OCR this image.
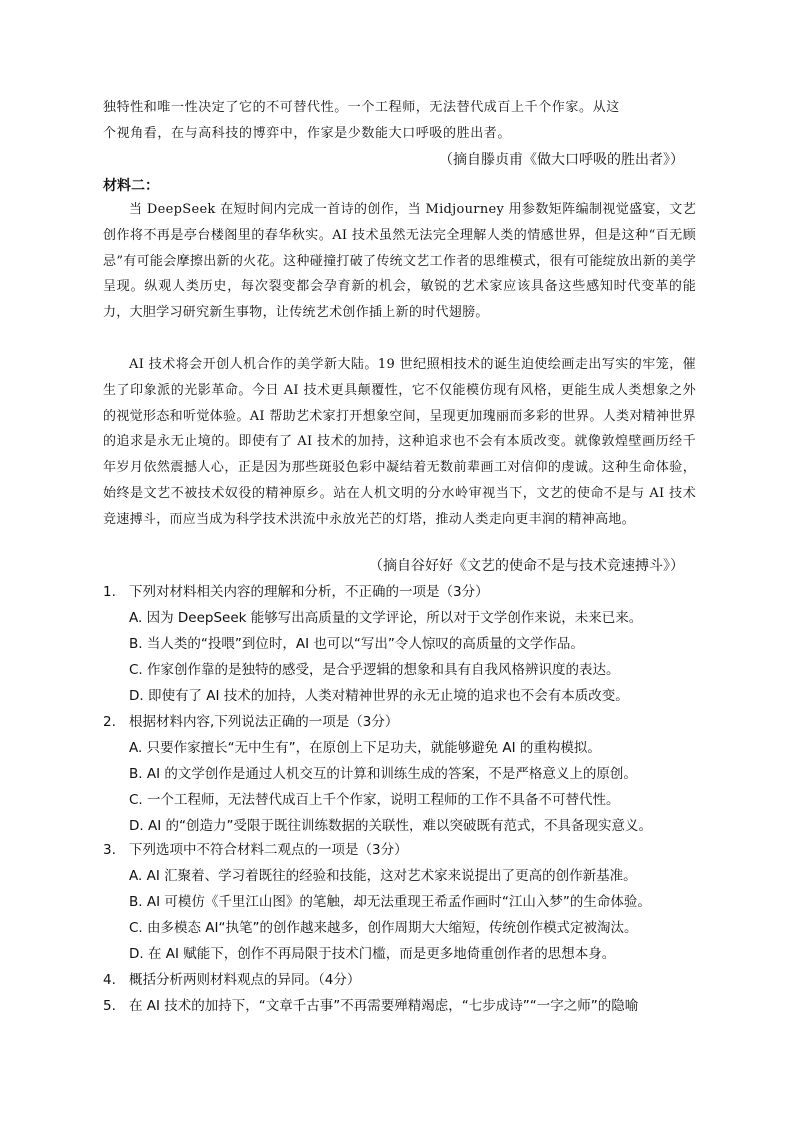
独特性和唯一性决定了它的不可替代性。一个工程师，无法替代成百上千个作家。从这
个视角看，在与高科技的博弈中，作家是少数能大口呼吸的胜出者。
（摘自滕贞甫《做大口呼吸的胜出者》）
材料二：
当 DeepSeek 在短时间内完成一首诗的创作，当 Midjourney 用参数矩阵编制视觉盛宴，文艺创作将不再是亭台楼阁里的春华秋实。AI 技术虽然无法完全理解人类的情感世界，但是这种“百无顾忌”有可能会摩擦出新的火花。这种碰撞打破了传统文艺工作者的思维模式，很有可能绽放出新的美学呈现。纵观人类历史，每次裂变都会孕育新的机会，敏锐的艺术家应该具备这些感知时代变革的能力，大胆学习研究新生事物，让传统艺术创作插上新的时代翅膀。
AI 技术将会开创人机合作的美学新大陆。19 世纪照相技术的诞生迫使绘画走出写实的牢笼，催生了印象派的光影革命。今日 AI 技术更具颠覆性，它不仅能模仿现有风格，更能生成人类想象之外的视觉形态和听觉体验。AI 帮助艺术家打开想象空间，呈现更加瑰丽而多彩的世界。人类对精神世界的追求是永无止境的。即使有了 AI 技术的加持，这种追求也不会有本质改变。就像敦煌壁画历经千年岁月依然震撼人心，正是因为那些斑驳色彩中凝结着无数前辈画工对信仰的虔诚。这种生命体验，始终是文艺不被技术奴役的精神原乡。站在人机文明的分水岭审视当下，文艺的使命不是与 AI 技术竞速搏斗，而应当成为科学技术洪流中永放光芒的灯塔，推动人类走向更丰润的精神高地。
（摘自谷好好《文艺的使命不是与技术竞速搏斗》）
1. 下列对材料相关内容的理解和分析，不正确的一项是（3分）
A. 因为 DeepSeek 能够写出高质量的文学评论，所以对于文学创作来说，未来已来。
B. 当人类的“投喂”到位时，AI 也可以“写出”令人惊叹的高质量的文学作品。
C. 作家创作靠的是独特的感受，是合乎逻辑的想象和具有自我风格辨识度的表达。
D. 即使有了 AI 技术的加持，人类对精神世界的永无止境的追求也不会有本质改变。
2. 根据材料内容,下列说法正确的一项是（3分）
A. 只要作家擅长“无中生有”，在原创上下足功夫，就能够避免 AI 的重构模拟。
B. AI 的文学创作是通过人机交互的计算和训练生成的答案，不是严格意义上的原创。
C. 一个工程师，无法替代成百上千个作家，说明工程师的工作不具备不可替代性。
D. AI 的“创造力”受限于既往训练数据的关联性，难以突破既有范式，不具备现实意义。
3. 下列选项中不符合材料二观点的一项是（3分）
A. AI 汇聚着、学习着既往的经验和技能，这对艺术家来说提出了更高的创作新基准。
B. AI 可模仿《千里江山图》的笔触，却无法重现王希孟作画时“江山入梦”的生命体验。
C. 由多模态 AI“执笔”的创作越来越多，创作周期大大缩短，传统创作模式定被淘汰。
D. 在 AI 赋能下，创作不再局限于技术门槛，而是更多地倚重创作者的思想本身。
4. 概括分析两则材料观点的异同。（4分）
5. 在 AI 技术的加持下，“文章千古事”不再需要殚精竭虑，“七步成诗”“一字之师”的隐喻
